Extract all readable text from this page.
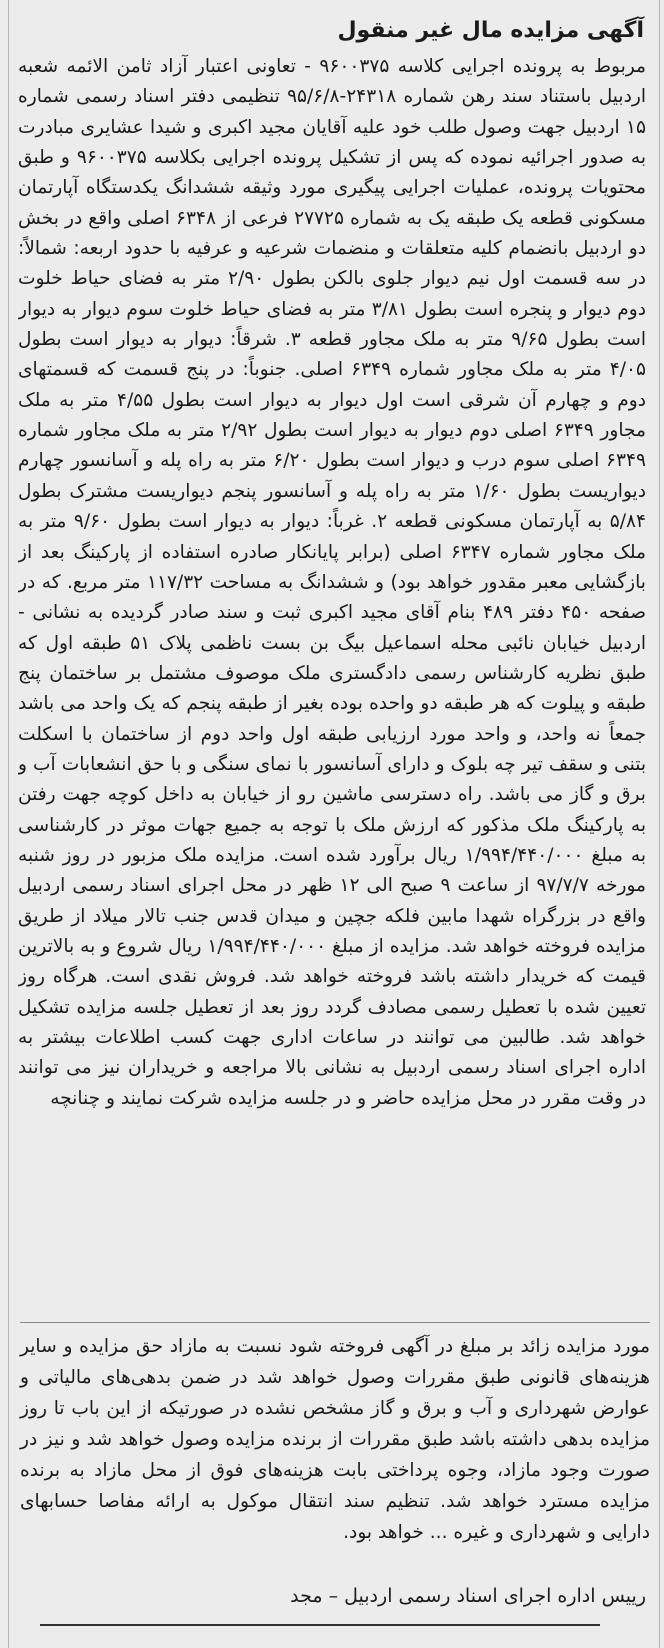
آگهی مزایده مال غیر منقول

مربوط به پرونده اجرایی کلاسه ۹۶۰۰۳۷۵ - تعاونی اعتبار آزاد ثامن الائمه شعبه اردبیل باستناد سند رهن شماره ۲۴۳۱۸-۹۵/۶/۸ تنظیمی دفتر اسناد رسمی شماره ۱۵ اردبیل جهت وصول طلب خود علیه آقایان مجید اکبری و شیدا عشایری مبادرت به صدور اجرائیه نموده که پس از تشکیل پرونده اجرایی بکلاسه ۹۶۰۰۳۷۵ و طبق محتویات پرونده، عملیات اجرایی پیگیری مورد وثیقه ششدانگ یکدستگاه آپارتمان مسکونی قطعه یک طبقه یک به شماره ۲۷۷۲۵ فرعی از ۶۳۴۸ اصلی واقع در بخش دو اردبیل بانضمام کلیه متعلقات و منضمات شرعیه و عرفیه با حدود اربعه: شمالاً: در سه قسمت اول نیم دیوار جلوی بالکن بطول ۲/۹۰ متر به فضای حیاط خلوت دوم دیوار و پنجره است بطول ۳/۸۱ متر به فضای حیاط خلوت سوم دیوار به دیوار است بطول ۹/۶۵ متر به ملک مجاور قطعه ۳. شرقاً: دیوار به دیوار است بطول ۴/۰۵ متر به ملک مجاور شماره ۶۳۴۹ اصلی. جنوباً: در پنج قسمت که قسمتهای دوم و چهارم آن شرقی است اول دیوار به دیوار است بطول ۴/۵۵ متر به ملک مجاور ۶۳۴۹ اصلی دوم دیوار به دیوار است بطول ۲/۹۲ متر به ملک مجاور شماره ۶۳۴۹ اصلی سوم درب و دیوار است بطول ۶/۲۰ متر به راه پله و آسانسور چهارم دیواریست بطول ۱/۶۰ متر به راه پله و آسانسور پنجم دیواریست مشترک بطول ۵/۸۴ به آپارتمان مسکونی قطعه ۲. غرباً: دیوار به دیوار است بطول ۹/۶۰ متر به ملک مجاور شماره ۶۳۴۷ اصلی (برابر پایانکار صادره استفاده از پارکینگ بعد از بازگشایی معبر مقدور خواهد بود) و ششدانگ به مساحت ۱۱۷/۳۲ متر مربع. که در صفحه ۴۵۰ دفتر ۴۸۹ بنام آقای مجید اکبری ثبت و سند صادر گردیده به نشانی - اردبیل خیابان نائبی محله اسماعیل بیگ بن بست ناظمی پلاک ۵۱ طبقه اول که طبق نظریه کارشناس رسمی دادگستری ملک موصوف مشتمل بر ساختمان پنج طبقه و پیلوت که هر طبقه دو واحده بوده بغیر از طبقه پنجم که یک واحد می باشد جمعاً نه واحد، و واحد مورد ارزیابی طبقه اول واحد دوم از ساختمان با اسکلت بتنی و سقف تیر چه بلوک و دارای آسانسور با نمای سنگی و با حق انشعابات آب و برق و گاز می باشد. راه دسترسی ماشین رو از خیابان به داخل کوچه جهت رفتن به پارکینگ ملک مذکور که ارزش ملک با توجه به جمیع جهات موثر در کارشناسی به مبلغ ۱/۹۹۴/۴۴۰/۰۰۰ ریال برآورد شده است. مزایده ملک مزبور در روز شنبه مورخه ۹۷/۷/۷ از ساعت ۹ صبح الی ۱۲ ظهر در محل اجرای اسناد رسمی اردبیل واقع در بزرگراه شهدا مابین فلکه جچین و میدان قدس جنب تالار میلاد از طریق مزایده فروخته خواهد شد. مزایده از مبلغ ۱/۹۹۴/۴۴۰/۰۰۰ ریال شروع و به بالاترین قیمت که خریدار داشته باشد فروخته خواهد شد. فروش نقدی است. هرگاه روز تعیین شده با تعطیل رسمی مصادف گردد روز بعد از تعطیل جلسه مزایده تشکیل خواهد شد. طالبین می توانند در ساعات اداری جهت کسب اطلاعات بیشتر به اداره اجرای اسناد رسمی اردبیل به نشانی بالا مراجعه و خریداران نیز می توانند در وقت مقرر در محل مزایده حاضر و در جلسه مزایده شرکت نمایند و چنانچه

مورد مزایده زائد بر مبلغ در آگهی فروخته شود نسبت به مازاد حق مزایده و سایر هزینه‌های قانونی طبق مقررات وصول خواهد شد در ضمن بدهی‌های مالیاتی و عوارض شهرداری و آب و برق و گاز مشخص نشده در صورتیکه از این باب تا روز مزایده بدهی داشته باشد طبق مقررات از برنده مزایده وصول خواهد شد و نیز در صورت وجود مازاد، وجوه پرداختی بابت هزینه‌های فوق از محل مازاد به برنده مزایده مسترد خواهد شد. تنظیم سند انتقال موکول به ارائه مفاصا حسابهای دارایی و شهرداری و غیره ... خواهد بود.

رییس اداره اجرای اسناد رسمی اردبیل – مجد
